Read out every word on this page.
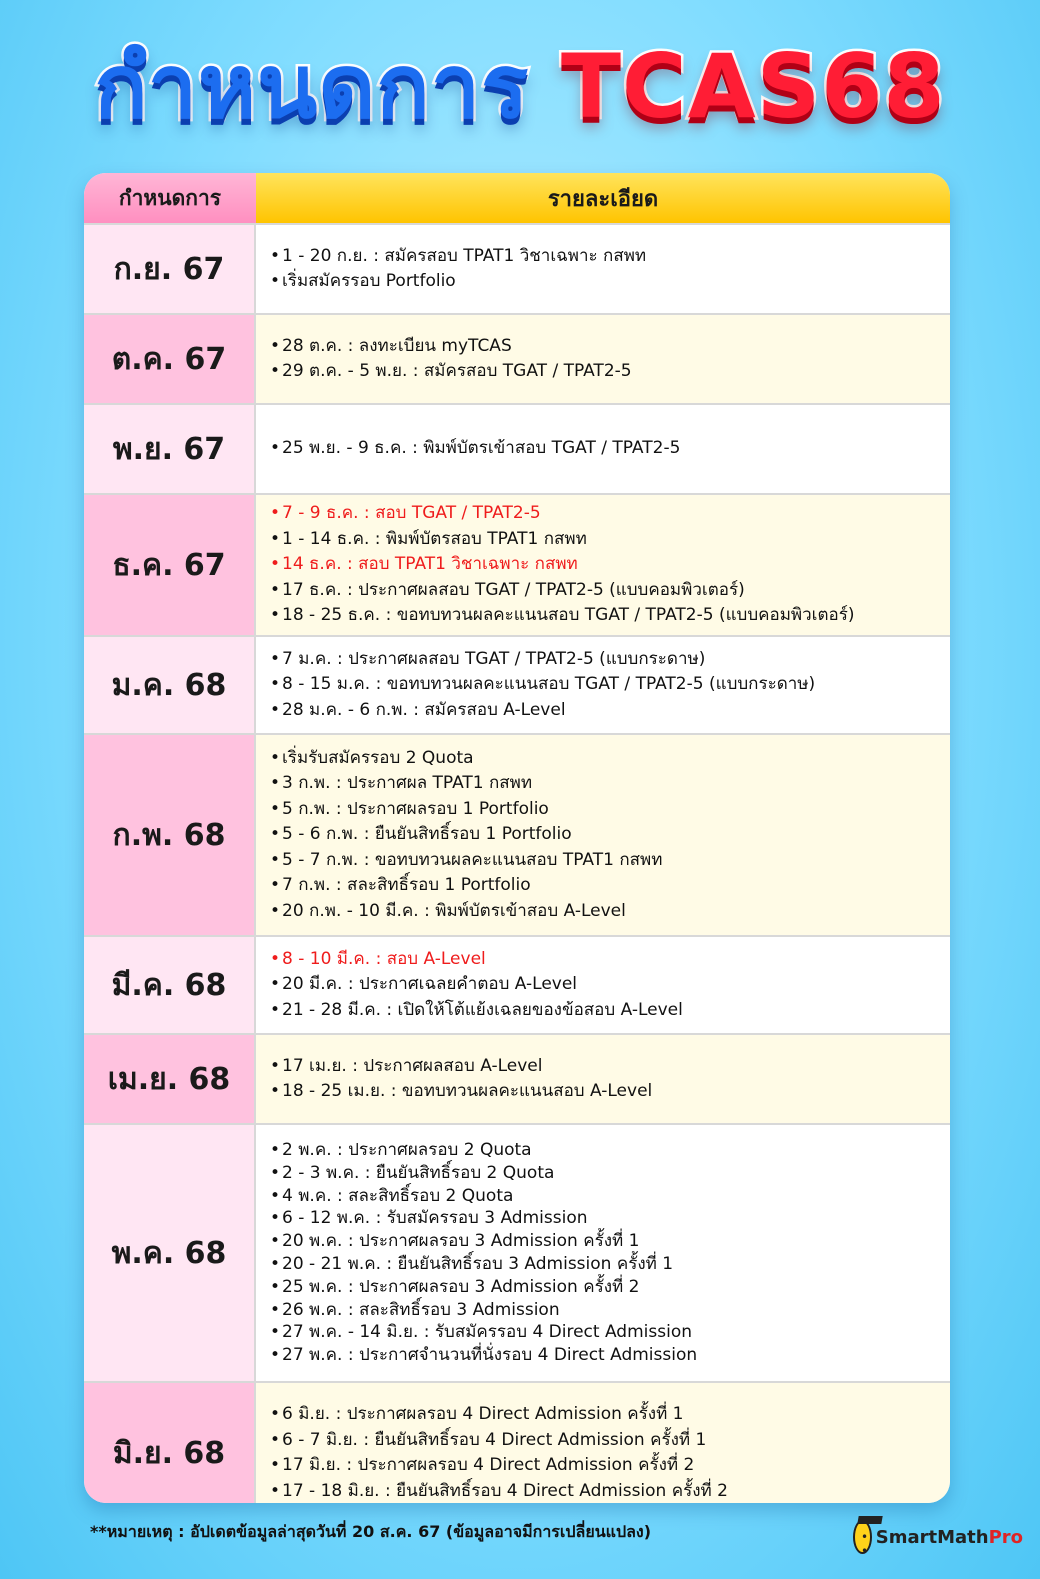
กำหนดการ TCAS68
กำหนดการ	รายละเอียด
ก.ย. 67	• 1 - 20 ก.ย. : สมัครสอบ TPAT1 วิชาเฉพาะ กสพท
• เริ่มสมัครรอบ Portfolio
ต.ค. 67	• 28 ต.ค. : ลงทะเบียน myTCAS
• 29 ต.ค. - 5 พ.ย. : สมัครสอบ TGAT / TPAT2-5
พ.ย. 67	• 25 พ.ย. - 9 ธ.ค. : พิมพ์บัตรเข้าสอบ TGAT / TPAT2-5
ธ.ค. 67
• 7 - 9 ธ.ค. : สอบ TGAT / TPAT2-5
• 1 - 14 ธ.ค. : พิมพ์บัตรสอบ TPAT1 กสพท
• 14 ธ.ค. : สอบ TPAT1 วิชาเฉพาะ กสพท
• 17 ธ.ค. : ประกาศผลสอบ TGAT / TPAT2-5 (แบบคอมพิวเตอร์)
• 18 - 25 ธ.ค. : ขอทบทวนผลคะแนนสอบ TGAT / TPAT2-5 (แบบคอมพิวเตอร์)
ม.ค. 68
• 7 ม.ค. : ประกาศผลสอบ TGAT / TPAT2-5 (แบบกระดาษ)
• 8 - 15 ม.ค. : ขอทบทวนผลคะแนนสอบ TGAT / TPAT2-5 (แบบกระดาษ)
• 28 ม.ค. - 6 ก.พ. : สมัครสอบ A-Level
ก.พ. 68
• เริ่มรับสมัครรอบ 2 Quota
• 3 ก.พ. : ประกาศผล TPAT1 กสพท
• 5 ก.พ. : ประกาศผลรอบ 1 Portfolio
• 5 - 6 ก.พ. : ยืนยันสิทธิ์รอบ 1 Portfolio
• 5 - 7 ก.พ. : ขอทบทวนผลคะแนนสอบ TPAT1 กสพท
• 7 ก.พ. : สละสิทธิ์รอบ 1 Portfolio
• 20 ก.พ. - 10 มี.ค. : พิมพ์บัตรเข้าสอบ A-Level
มี.ค. 68
• 8 - 10 มี.ค. : สอบ A-Level
• 20 มี.ค. : ประกาศเฉลยคำตอบ A-Level
• 21 - 28 มี.ค. : เปิดให้โต้แย้งเฉลยของข้อสอบ A-Level
เม.ย. 68	• 17 เม.ย. : ประกาศผลสอบ A-Level
• 18 - 25 เม.ย. : ขอทบทวนผลคะแนนสอบ A-Level
พ.ค. 68
• 2 พ.ค. : ประกาศผลรอบ 2 Quota
• 2 - 3 พ.ค. : ยืนยันสิทธิ์รอบ 2 Quota
• 4 พ.ค. : สละสิทธิ์รอบ 2 Quota
• 6 - 12 พ.ค. : รับสมัครรอบ 3 Admission
• 20 พ.ค. : ประกาศผลรอบ 3 Admission ครั้งที่ 1
• 20 - 21 พ.ค. : ยืนยันสิทธิ์รอบ 3 Admission ครั้งที่ 1
• 25 พ.ค. : ประกาศผลรอบ 3 Admission ครั้งที่ 2
• 26 พ.ค. : สละสิทธิ์รอบ 3 Admission
• 27 พ.ค. - 14 มิ.ย. : รับสมัครรอบ 4 Direct Admission
• 27 พ.ค. : ประกาศจำนวนที่นั่งรอบ 4 Direct Admission
มิ.ย. 68
• 6 มิ.ย. : ประกาศผลรอบ 4 Direct Admission ครั้งที่ 1
• 6 - 7 มิ.ย. : ยืนยันสิทธิ์รอบ 4 Direct Admission ครั้งที่ 1
• 17 มิ.ย. : ประกาศผลรอบ 4 Direct Admission ครั้งที่ 2
• 17 - 18 มิ.ย. : ยืนยันสิทธิ์รอบ 4 Direct Admission ครั้งที่ 2
**หมายเหตุ : อัปเดตข้อมูลล่าสุดวันที่ 20 ส.ค. 67 (ข้อมูลอาจมีการเปลี่ยนแปลง)
• •	SmartMathPro
